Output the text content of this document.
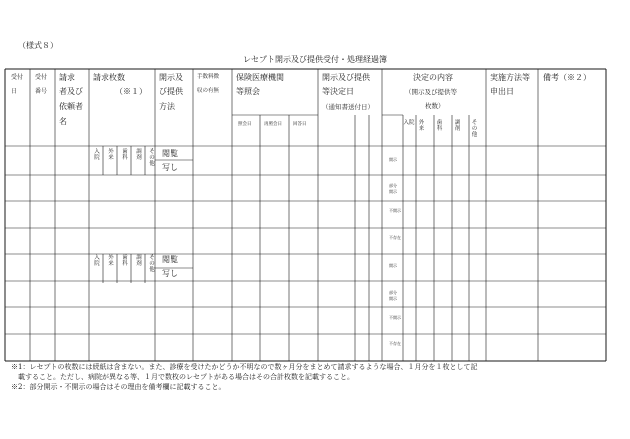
（様式８）
レセプト開示及び提供受付・処理経過簿
受付
日
受付
番号
請求
者及び
依頼者
名
請求枚数
（※１）
開示及
び提供
方法
手数料徴
収の有無
保険医療機関
等照会
照会日	再照会日 回答日
開示及び提供
等決定日
（通知書送付日）
決定の内容
（開示及び提供等
枚数）
入院 外来
歯科
調剤
その他
実施方法等
申出日
備考（※２）
入院
外来
歯科
調剤
その他
閲覧
写し
開示
部分
開示
不開示
不存在
入院
外来
歯科
調剤
その他
閲覧
写し
開示
部分
開示
不開示
不存在
※1：レセプトの枚数には続紙は含まない。また、診療を受けたかどうか不明なので数ヶ月分をまとめて請求するような場合、１月分を１枚として記
　載すること。ただし、病院が異なる等、１月で数枚のレセプトがある場合はその合計枚数を記載すること。
※2：部分開示・不開示の場合はその理由を備考欄に記載すること。
